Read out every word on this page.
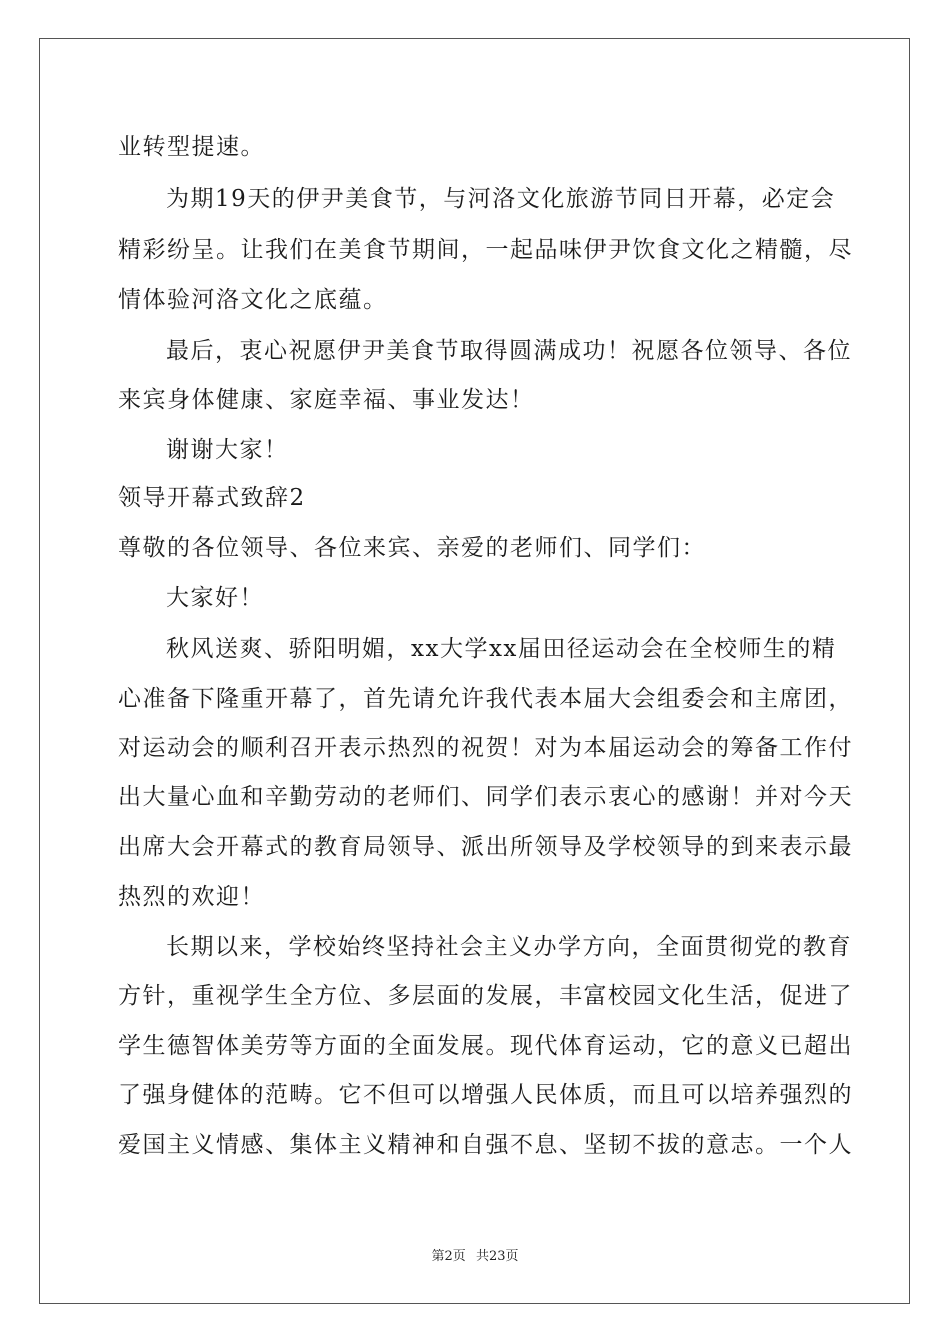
业转型提速。
为期19天的伊尹美食节，与河洛文化旅游节同日开幕，必定会
精彩纷呈。让我们在美食节期间，一起品味伊尹饮食文化之精髓，尽
情体验河洛文化之底蕴。
最后，衷心祝愿伊尹美食节取得圆满成功！祝愿各位领导、各位
来宾身体健康、家庭幸福、事业发达！
谢谢大家！
领导开幕式致辞2
尊敬的各位领导、各位来宾、亲爱的老师们、同学们：
大家好！
秋风送爽、骄阳明媚，xx大学xx届田径运动会在全校师生的精
心准备下隆重开幕了，首先请允许我代表本届大会组委会和主席团，
对运动会的顺利召开表示热烈的祝贺！对为本届运动会的筹备工作付
出大量心血和辛勤劳动的老师们、同学们表示衷心的感谢！并对今天
出席大会开幕式的教育局领导、派出所领导及学校领导的到来表示最
热烈的欢迎！
长期以来，学校始终坚持社会主义办学方向，全面贯彻党的教育
方针，重视学生全方位、多层面的发展，丰富校园文化生活，促进了
学生德智体美劳等方面的全面发展。现代体育运动，它的意义已超出
了强身健体的范畴。它不但可以增强人民体质，而且可以培养强烈的
爱国主义情感、集体主义精神和自强不息、坚韧不拔的意志。一个人
第2页 共23页
